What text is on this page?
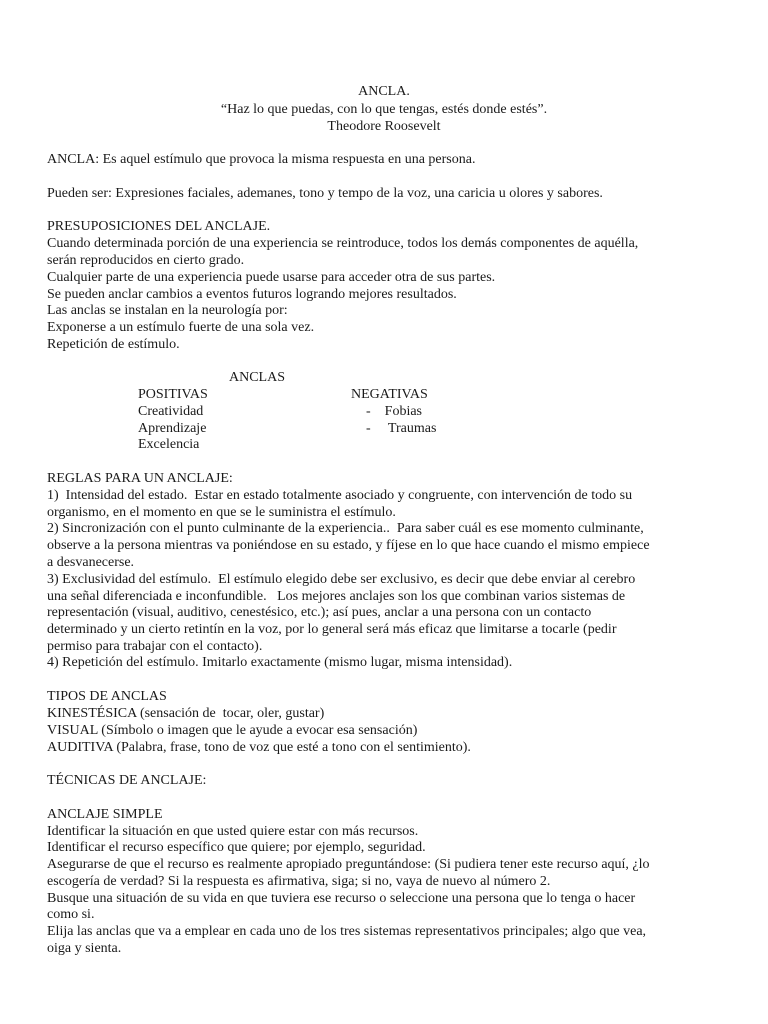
ANCLA.
“Haz lo que puedas, con lo que tengas, estés donde estés”.
Theodore Roosevelt
ANCLA: Es aquel estímulo que provoca la misma respuesta en una persona.
Pueden ser: Expresiones faciales, ademanes, tono y tempo de la voz, una caricia u olores y sabores.
PRESUPOSICIONES DEL ANCLAJE.
Cuando determinada porción de una experiencia se reintroduce, todos los demás componentes de aquélla,
serán reproducidos en cierto grado.
Cualquier parte de una experiencia puede usarse para acceder otra de sus partes.
Se pueden anclar cambios a eventos futuros logrando mejores resultados.
Las anclas se instalan en la neurología por:
Exponerse a un estímulo fuerte de una sola vez.
Repetición de estímulo.
ANCLAS
POSITIVAS	NEGATIVAS
Creatividad
Aprendizaje
Excelencia
-    Fobias
-     Traumas
REGLAS PARA UN ANCLAJE:
1)  Intensidad del estado.  Estar en estado totalmente asociado y congruente, con intervención de todo su
organismo, en el momento en que se le suministra el estímulo.
2) Sincronización con el punto culminante de la experiencia..  Para saber cuál es ese momento culminante,
observe a la persona mientras va poniéndose en su estado, y fíjese en lo que hace cuando el mismo empiece
a desvanecerse.
3) Exclusividad del estímulo.  El estímulo elegido debe ser exclusivo, es decir que debe enviar al cerebro
una señal diferenciada e inconfundible.   Los mejores anclajes son los que combinan varios sistemas de
representación (visual, auditivo, cenestésico, etc.); así pues, anclar a una persona con un contacto
determinado y un cierto retintín en la voz, por lo general será más eficaz que limitarse a tocarle (pedir
permiso para trabajar con el contacto).
4) Repetición del estímulo. Imitarlo exactamente (mismo lugar, misma intensidad).
TIPOS DE ANCLAS
KINESTÉSICA (sensación de  tocar, oler, gustar)
VISUAL (Símbolo o imagen que le ayude a evocar esa sensación)
AUDITIVA (Palabra, frase, tono de voz que esté a tono con el sentimiento).
TÉCNICAS DE ANCLAJE:
ANCLAJE SIMPLE
Identificar la situación en que usted quiere estar con más recursos.
Identificar el recurso específico que quiere; por ejemplo, seguridad.
Asegurarse de que el recurso es realmente apropiado preguntándose: (Si pudiera tener este recurso aquí, ¿lo
escogería de verdad? Si la respuesta es afirmativa, siga; si no, vaya de nuevo al número 2.
Busque una situación de su vida en que tuviera ese recurso o seleccione una persona que lo tenga o hacer
como si.
Elija las anclas que va a emplear en cada uno de los tres sistemas representativos principales; algo que vea,
oiga y sienta.
